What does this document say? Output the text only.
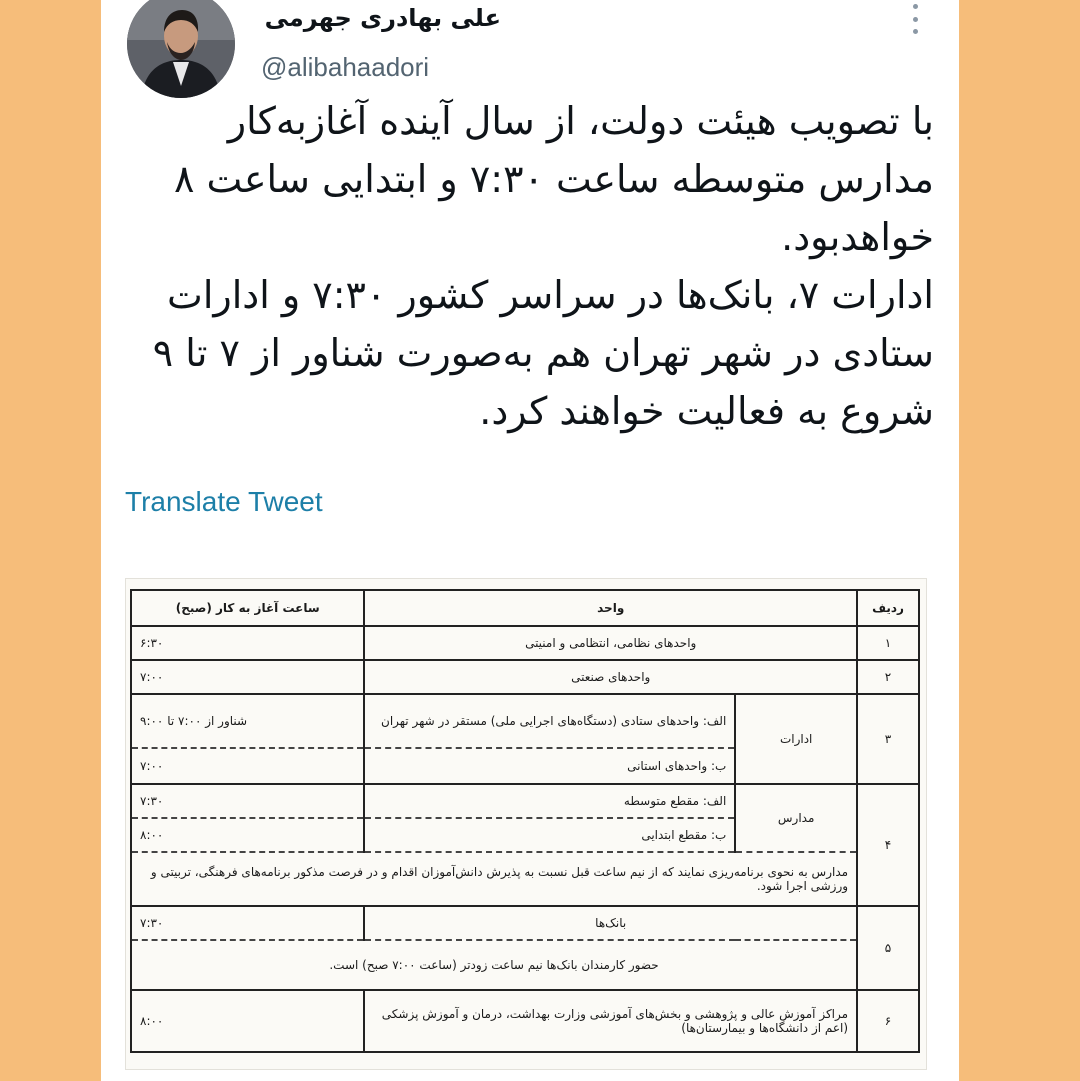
علی بهادری جهرمی
@alibahaadori

با تصویب هیئت دولت، از سال آینده آغازبه‌کار مدارس متوسطه ساعت ۷:۳۰ و ابتدایی ساعت ۸ خواهدبود.

ادارات ۷، بانک‌ها در سراسر کشور ۷:۳۰ و ادارات ستادی در شهر تهران هم به‌صورت شناور از ۷ تا ۹ شروع به فعالیت خواهند کرد.

Translate Tweet
ردیف	واحد		ساعت آغاز به کار (صبح)
۱	واحدهای نظامی، انتظامی و امنیتی		۶:۳۰
۲	واحدهای صنعتی		۷:۰۰
۳	ادارات	الف: واحدهای ستادی (دستگاه‌های اجرایی ملی) مستقر در شهر تهران	شناور از ۷:۰۰ تا ۹:۰۰
		ب: واحدهای استانی	۷:۰۰
۴	مدارس	الف: مقطع متوسطه	۷:۳۰
		ب: مقطع ابتدایی	۸:۰۰
	مدارس به نحوی برنامه‌ریزی نمایند که از نیم ساعت قبل نسبت به پذیرش دانش‌آموزان اقدام و در فرصت مذکور برنامه‌های فرهنگی، تربیتی و ورزشی اجرا شود.		
۵	بانک‌ها		۷:۳۰
	حضور کارمندان بانک‌ها نیم ساعت زودتر (ساعت ۷:۰۰ صبح) است.		
۶	مراکز آموزش عالی و پژوهشی و بخش‌های آموزشی وزارت بهداشت، درمان و آموزش پزشکی (اعم از دانشگاه‌ها و بیمارستان‌ها)		۸:۰۰
